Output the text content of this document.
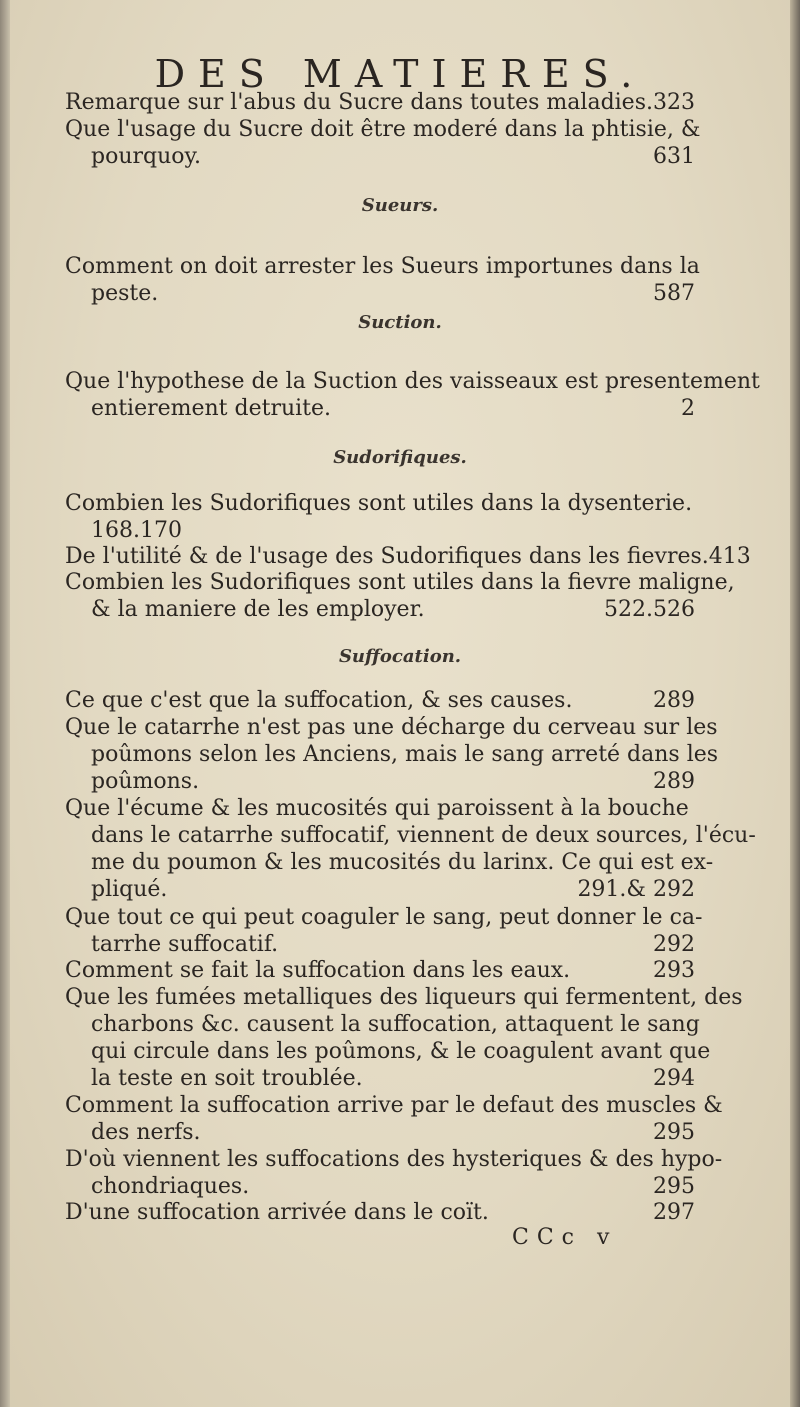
DES MATIERES.
Sueurs.
Suction.
Sudorifiques.
Suffocation.
323
Remarque sur l'abus du Sucre dans toutes maladies.
Que l'usage du Sucre doit être moderé dans la phtisie, &
631
pourquoy.
Comment on doit arrester les Sueurs importunes dans la
587
peste.
Que l'hypothese de la Suction des vaisseaux est presentement
2
entierement detruite.
Combien les Sudorifiques sont utiles dans la dysenterie.
168.170
De l'utilité & de l'usage des Sudorifiques dans les fievres.413
Combien les Sudorifiques sont utiles dans la fievre maligne,
522.526
& la maniere de les employer.
289
Ce que c'est que la suffocation, & ses causes.
Que le catarrhe n'est pas une décharge du cerveau sur les
poûmons selon les Anciens, mais le sang arreté dans les
289
poûmons.
Que l'écume & les mucosités qui paroissent à la bouche
dans le catarrhe suffocatif, viennent de deux sources, l'écu-
me du poumon & les mucosités du larinx. Ce qui est ex-
291.& 292
pliqué.
Que tout ce qui peut coaguler le sang, peut donner le ca-
292
tarrhe suffocatif.
293
Comment se fait la suffocation dans les eaux.
Que les fumées metalliques des liqueurs qui fermentent, des
charbons &c. causent la suffocation, attaquent le sang
qui circule dans les poûmons, & le coagulent avant que
294
la teste en soit troublée.
Comment la suffocation arrive par le defaut des muscles &
295
des nerfs.
D'où viennent les suffocations des hysteriques & des hypo-
295
chondriaques.
297
D'une suffocation arrivée dans le coït.
CCc v
